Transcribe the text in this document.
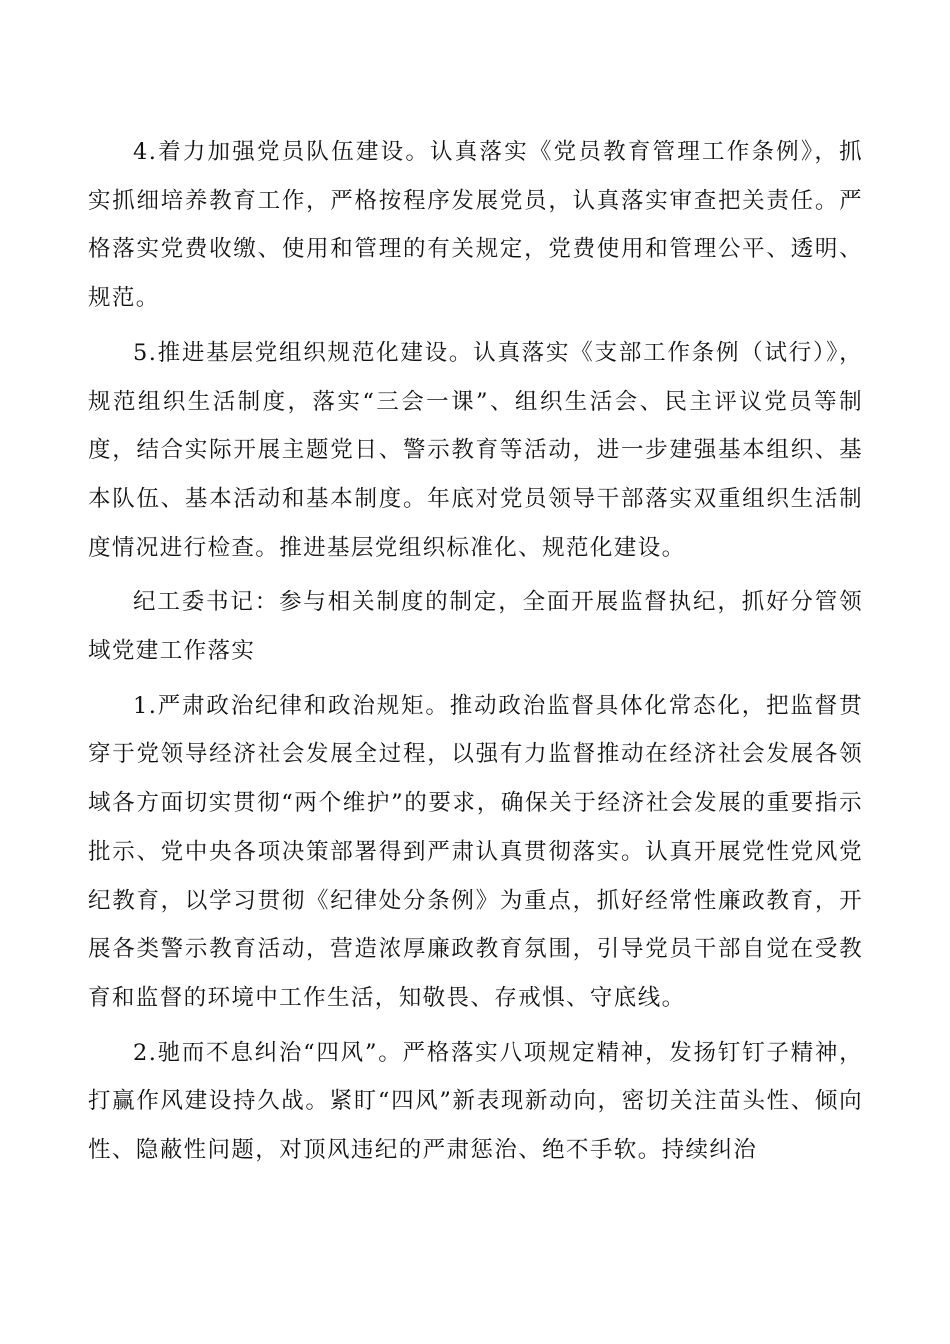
4.着力加强党员队伍建设。认真落实《党员教育管理工作条例》，抓实抓细培养教育工作，严格按程序发展党员，认真落实审查把关责任。严格落实党费收缴、使用和管理的有关规定，党费使用和管理公平、透明、规范。

5.推进基层党组织规范化建设。认真落实《支部工作条例（试行）》，规范组织生活制度，落实“三会一课”、组织生活会、民主评议党员等制度，结合实际开展主题党日、警示教育等活动，进一步建强基本组织、基本队伍、基本活动和基本制度。年底对党员领导干部落实双重组织生活制度情况进行检查。推进基层党组织标准化、规范化建设。

纪工委书记：参与相关制度的制定，全面开展监督执纪，抓好分管领域党建工作落实

1.严肃政治纪律和政治规矩。推动政治监督具体化常态化，把监督贯穿于党领导经济社会发展全过程，以强有力监督推动在经济社会发展各领域各方面切实贯彻“两个维护”的要求，确保关于经济社会发展的重要指示批示、党中央各项决策部署得到严肃认真贯彻落实。认真开展党性党风党纪教育，以学习贯彻《纪律处分条例》为重点，抓好经常性廉政教育，开展各类警示教育活动，营造浓厚廉政教育氛围，引导党员干部自觉在受教育和监督的环境中工作生活，知敬畏、存戒惧、守底线。

2.驰而不息纠治“四风”。严格落实八项规定精神，发扬钉钉子精神，打赢作风建设持久战。紧盯“四风”新表现新动向，密切关注苗头性、倾向性、隐蔽性问题，对顶风违纪的严肃惩治、绝不手软。持续纠治
